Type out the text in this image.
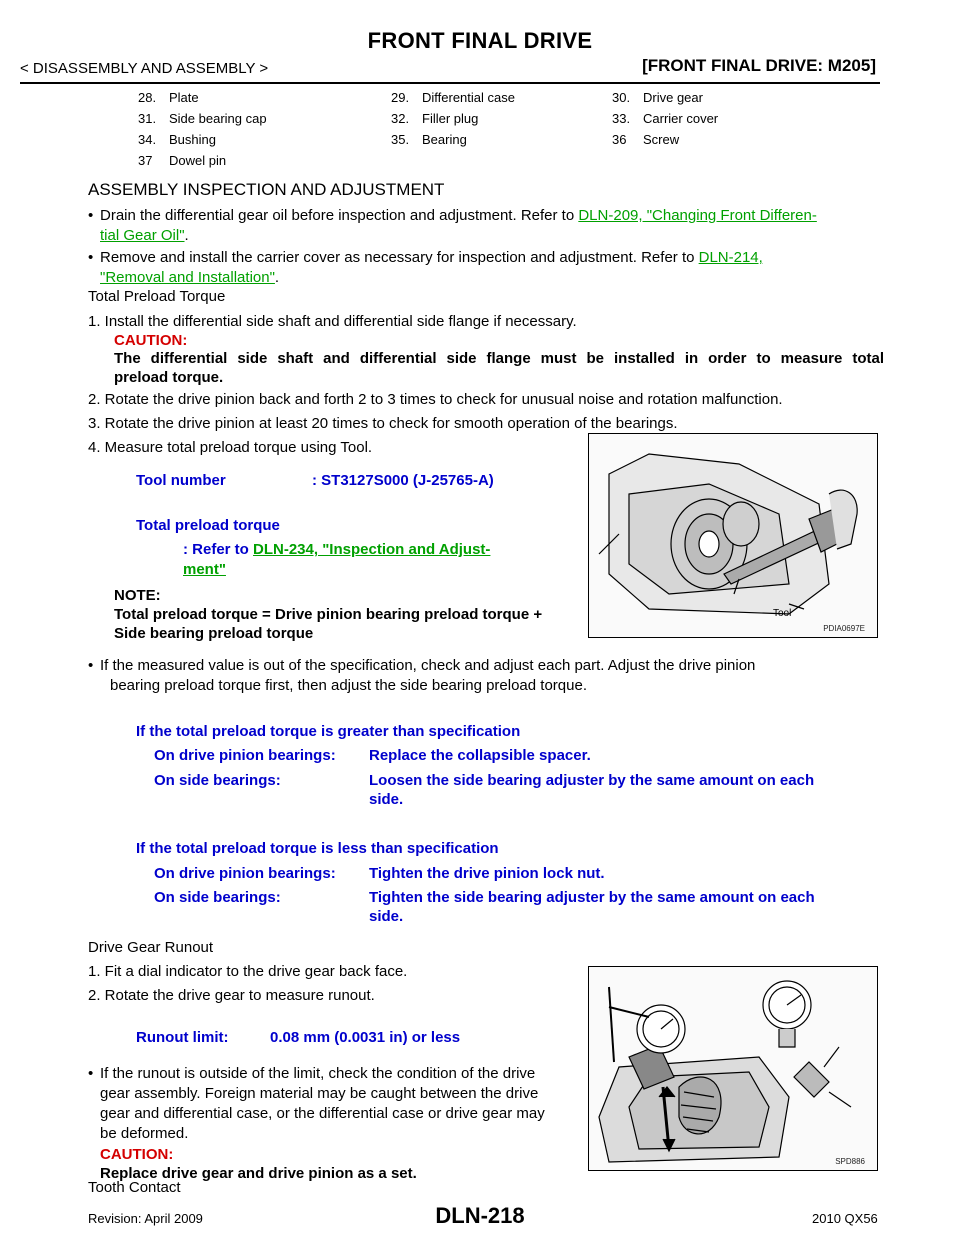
FRONT FINAL DRIVE
< DISASSEMBLY AND ASSEMBLY >	[FRONT FINAL DRIVE: M205]
28. Plate	29. Differential case	30. Drive gear
31. Side bearing cap	32. Filler plug	33. Carrier cover
34. Bushing	35. Bearing	36 Screw
37 Dowel pin
ASSEMBLY INSPECTION AND ADJUSTMENT
• Drain the differential gear oil before inspection and adjustment. Refer to DLN-209, "Changing Front Differen-
tial Gear Oil".
• Remove and install the carrier cover as necessary for inspection and adjustment. Refer to DLN-214,
"Removal and Installation".
Total Preload Torque
1. Install the differential side shaft and differential side flange if necessary.
CAUTION:
The differential side shaft and differential side flange must be installed in order to measure total
preload torque.
2. Rotate the drive pinion back and forth 2 to 3 times to check for unusual noise and rotation malfunction.
3. Rotate the drive pinion at least 20 times to check for smooth operation of the bearings.
4. Measure total preload torque using Tool.
Tool number	: ST3127S000 (J-25765-A)
Total preload torque
: Refer to DLN-234, "Inspection and Adjust-
ment"
NOTE:
Total preload torque = Drive pinion bearing preload torque +
Side bearing preload torque
Tool
PDIA0697E
• If the measured value is out of the specification, check and adjust each part. Adjust the drive pinion
bearing preload torque first, then adjust the side bearing preload torque.
If the total preload torque is greater than specification
On drive pinion bearings: Replace the collapsible spacer.
On side bearings:	Loosen the side bearing adjuster by the same amount on each
side.
If the total preload torque is less than specification
On drive pinion bearings: Tighten the drive pinion lock nut.
On side bearings:	Tighten the side bearing adjuster by the same amount on each
side.
Drive Gear Runout
1. Fit a dial indicator to the drive gear back face.
2. Rotate the drive gear to measure runout.
Runout limit:	0.08 mm (0.0031 in) or less
• If the runout is outside of the limit, check the condition of the drive
gear assembly. Foreign material may be caught between the drive
gear and differential case, or the differential case or drive gear may
be deformed.
CAUTION:
Replace drive gear and drive pinion as a set.
SPD886
Tooth Contact
DLN-218
Revision: April 2009	2010 QX56
